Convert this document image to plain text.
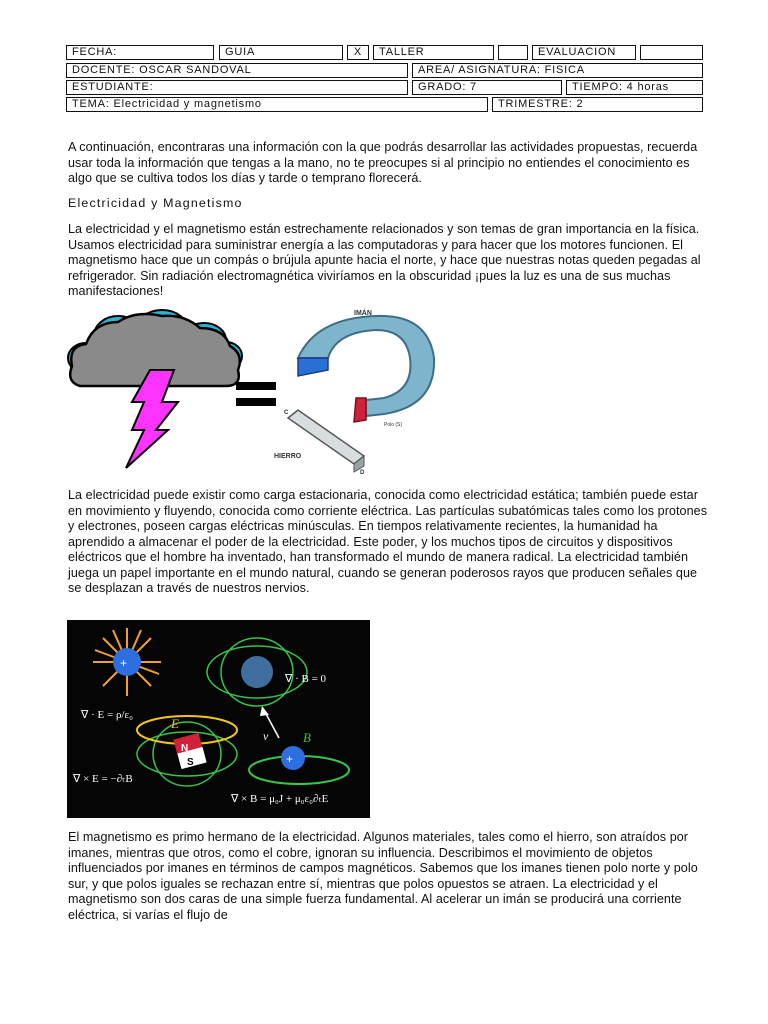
FECHA:	GUIA	X	TALLER	EVALUACION
DOCENTE: OSCAR SANDOVAL	AREA/ ASIGNATURA: FISICA
ESTUDIANTE:	GRADO: 7	TIEMPO: 4 horas
TEMA: Electricidad y magnetismo	TRIMESTRE: 2

A continuación, encontraras una información con la que podrás desarrollar las actividades propuestas, recuerda usar toda la información que tengas a la mano, no te preocupes si al principio no entiendes el conocimiento es algo que se cultiva todos los días y tarde o temprano florecerá.

Electricidad y Magnetismo

La electricidad y el magnetismo están estrechamente relacionados y son temas de gran importancia en la física. Usamos electricidad para suministrar energía a las computadoras y para hacer que los motores funcionen. El magnetismo hace que un compás o brújula apunte hacia el norte, y hace que nuestras notas queden pegadas al refrigerador. Sin radiación electromagnética viviríamos en la obscuridad ¡pues la luz es una de sus muchas manifestaciones!

IMÁN
Polo (S)
C
HIERRO
D

La electricidad puede existir como carga estacionaria, conocida como electricidad estática; también puede estar en movimiento y fluyendo, conocida como corriente eléctrica. Las partículas subatómicas tales como los protones y electrones, poseen cargas eléctricas minúsculas. En tiempos relativamente recientes, la humanidad ha aprendido a almacenar el poder de la electricidad. Este poder, y los muchos tipos de circuitos y dispositivos eléctricos que el hombre ha inventado, han transformado el mundo de manera radical. La electricidad también juega un papel importante en el mundo natural, cuando se generan poderosos rayos que producen señales que se desplazan a través de nuestros nervios.

+
N
S
E
+
v	B
∇ · B = 0
∇ · E = ρ/ε₀
∇ × E = −∂ₜB
∇ × B = μ₀J + μ₀ε₀∂ₜE

El magnetismo es primo hermano de la electricidad. Algunos materiales, tales como el hierro, son atraídos por imanes, mientras que otros, como el cobre, ignoran su influencia. Describimos el movimiento de objetos influenciados por imanes en términos de campos magnéticos. Sabemos que los imanes tienen polo norte y polo sur, y que polos iguales se rechazan entre sí, mientras que polos opuestos se atraen. La electricidad y el magnetismo son dos caras de una simple fuerza fundamental. Al acelerar un imán se producirá una corriente eléctrica, si varías el flujo de
